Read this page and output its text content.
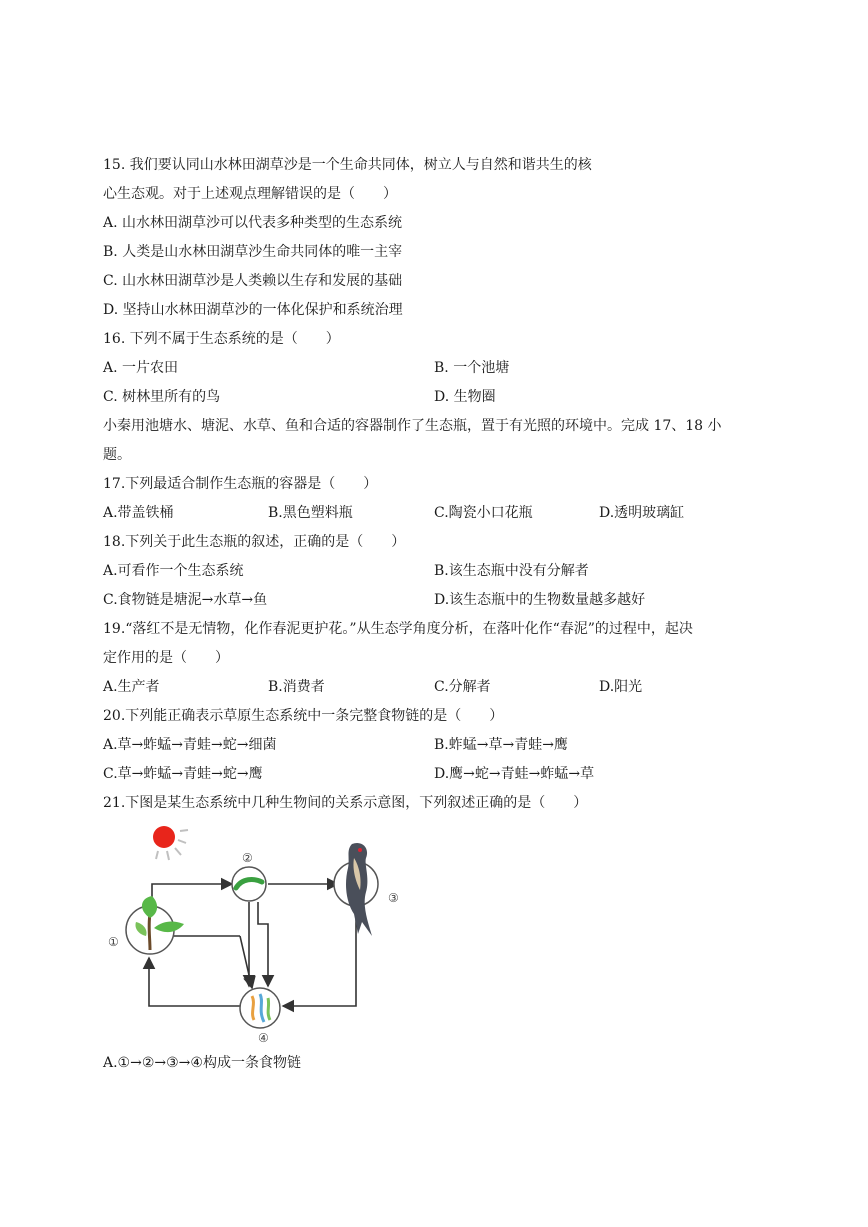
15. 我们要认同山水林田湖草沙是一个生命共同体，树立人与自然和谐共生的核
心生态观。对于上述观点理解错误的是（　　）
A. 山水林田湖草沙可以代表多种类型的生态系统
B. 人类是山水林田湖草沙生命共同体的唯一主宰
C. 山水林田湖草沙是人类赖以生存和发展的基础
D. 坚持山水林田湖草沙的一体化保护和系统治理
16. 下列不属于生态系统的是（　　）
A. 一片农田	B. 一个池塘
C. 树林里所有的鸟	D. 生物圈
小秦用池塘水、塘泥、水草、鱼和合适的容器制作了生态瓶，置于有光照的环境中。完成 17、18 小
题。
17.下列最适合制作生态瓶的容器是（　　）
A.带盖铁桶	B.黑色塑料瓶	C.陶瓷小口花瓶	D.透明玻璃缸
18.下列关于此生态瓶的叙述，正确的是（　　）
A.可看作一个生态系统	B.该生态瓶中没有分解者
C.食物链是塘泥→水草→鱼	D.该生态瓶中的生物数量越多越好
19.“落红不是无情物，化作春泥更护花。”从生态学角度分析，在落叶化作“春泥”的过程中，起决
定作用的是（　　）
A.生产者	B.消费者	C.分解者	D.阳光
20.下列能正确表示草原生态系统中一条完整食物链的是（　　）
A.草→蚱蜢→青蛙→蛇→细菌	B.蚱蜢→草→青蛙→鹰
C.草→蚱蜢→青蛙→蛇→鹰	D.鹰→蛇→青蛙→蚱蜢→草
21.下图是某生态系统中几种生物间的关系示意图，下列叙述正确的是（　　）
①
②
③
④
A.①→②→③→④构成一条食物链
